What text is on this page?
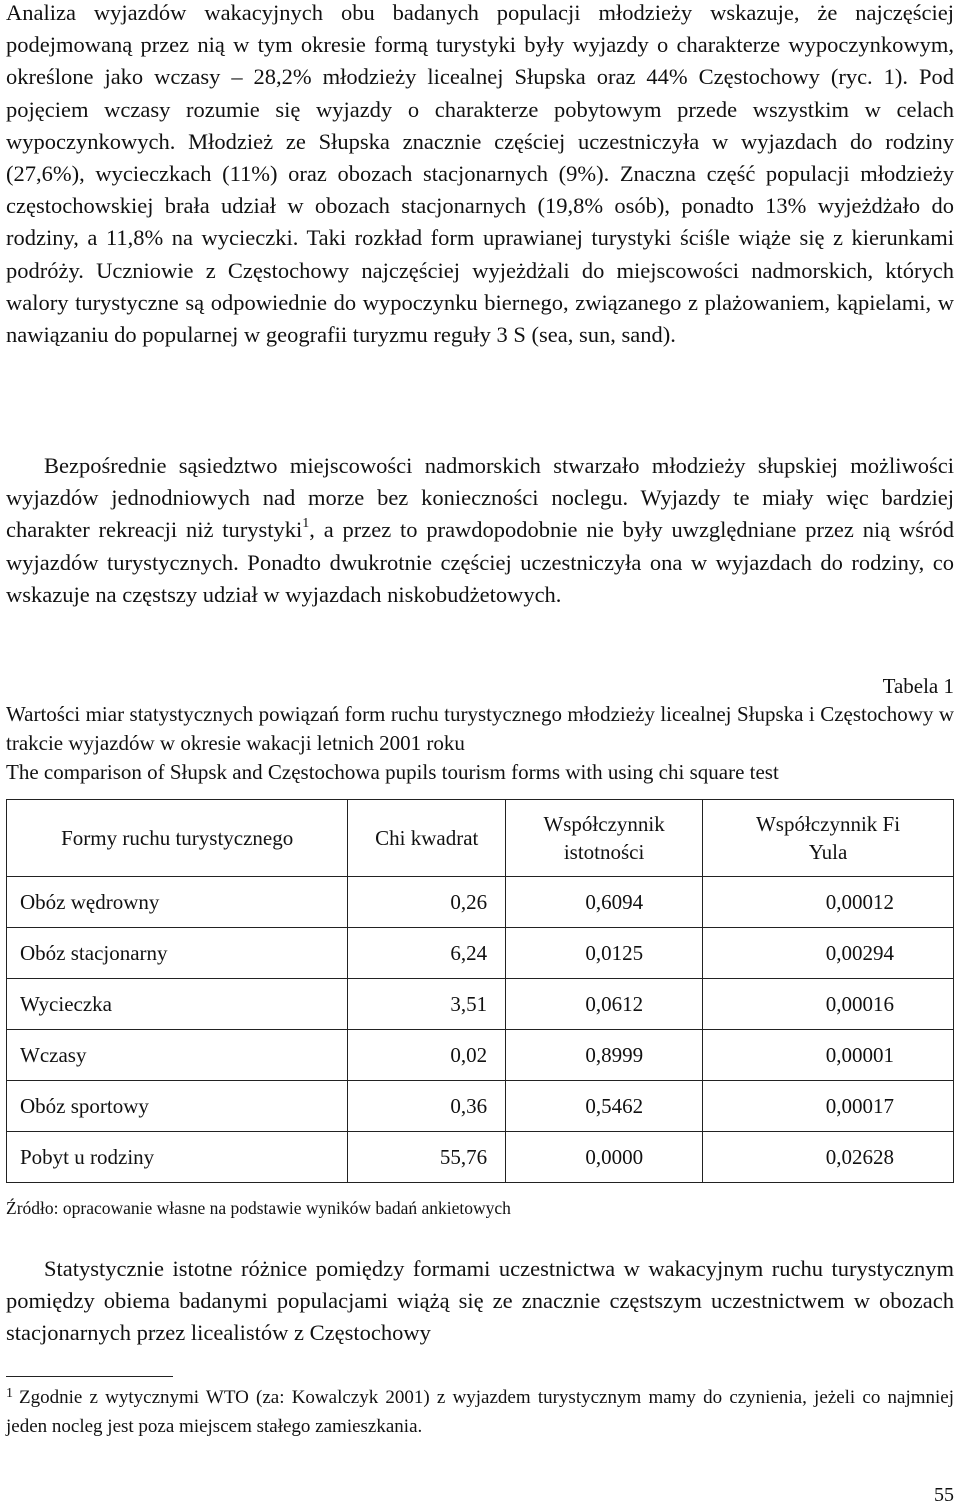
Analiza wyjazdów wakacyjnych obu badanych populacji młodzieży wskazuje, że najczęściej podejmowaną przez nią w tym okresie formą turystyki były wyjazdy o charakterze wypoczynkowym, określone jako wczasy – 28,2% młodzieży licealnej Słupska oraz 44% Częstochowy (ryc. 1). Pod pojęciem wczasy rozumie się wyjazdy o charakterze pobytowym przede wszystkim w celach wypoczynkowych. Młodzież ze Słupska znacznie częściej uczestniczyła w wyjazdach do rodziny (27,6%), wycieczkach (11%) oraz obozach stacjonarnych (9%). Znaczna część populacji młodzieży częstochowskiej brała udział w obozach stacjonarnych (19,8% osób), ponadto 13% wyjeżdżało do rodziny, a 11,8% na wycieczki. Taki rozkład form uprawianej turystyki ściśle wiąże się z kierunkami podróży. Uczniowie z Częstochowy najczęściej wyjeżdżali do miejscowości nadmorskich, których walory turystyczne są odpowiednie do wypoczynku biernego, związanego z plażowaniem, kąpielami, w nawiązaniu do popularnej w geografii turyzmu reguły 3 S (sea, sun, sand).

Bezpośrednie sąsiedztwo miejscowości nadmorskich stwarzało młodzieży słupskiej możliwości wyjazdów jednodniowych nad morze bez konieczności noclegu. Wyjazdy te miały więc bardziej charakter rekreacji niż turystyki$^1$, a przez to prawdopodobnie nie były uwzględniane przez nią wśród wyjazdów turystycznych. Ponadto dwukrotnie częściej uczestniczyła ona w wyjazdach do rodziny, co wskazuje na częstszy udział w wyjazdach niskobudżetowych.

Tabela 1

Wartości miar statystycznych powiązań form ruchu turystycznego młodzieży licealnej Słupska i Częstochowy w trakcie wyjazdów w okresie wakacji letnich 2001 roku

The comparison of Słupsk and Częstochowa pupils tourism forms with using chi square test

Formy ruchu turystycznego	Chi kwadrat	Współczynnik istotności	Współczynnik Fi Yula
Obóz wędrowny	0,26	0,6094	0,00012
Obóz stacjonarny	6,24	0,0125	0,00294
Wycieczka	3,51	0,0612	0,00016
Wczasy	0,02	0,8999	0,00001
Obóz sportowy	0,36	0,5462	0,00017
Pobyt u rodziny	55,76	0,0000	0,02628
Źródło: opracowanie własne na podstawie wyników badań ankietowych

Statystycznie istotne różnice pomiędzy formami uczestnictwa w wakacyjnym ruchu turystycznym pomiędzy obiema badanymi populacjami wiążą się ze znacznie częstszym uczestnictwem w obozach stacjonarnych przez licealistów z Częstochowy

$^1$ Zgodnie z wytycznymi WTO (za: Kowalczyk 2001) z wyjazdem turystycznym mamy do czynienia, jeżeli co najmniej jeden nocleg jest poza miejscem stałego zamieszkania.
55
